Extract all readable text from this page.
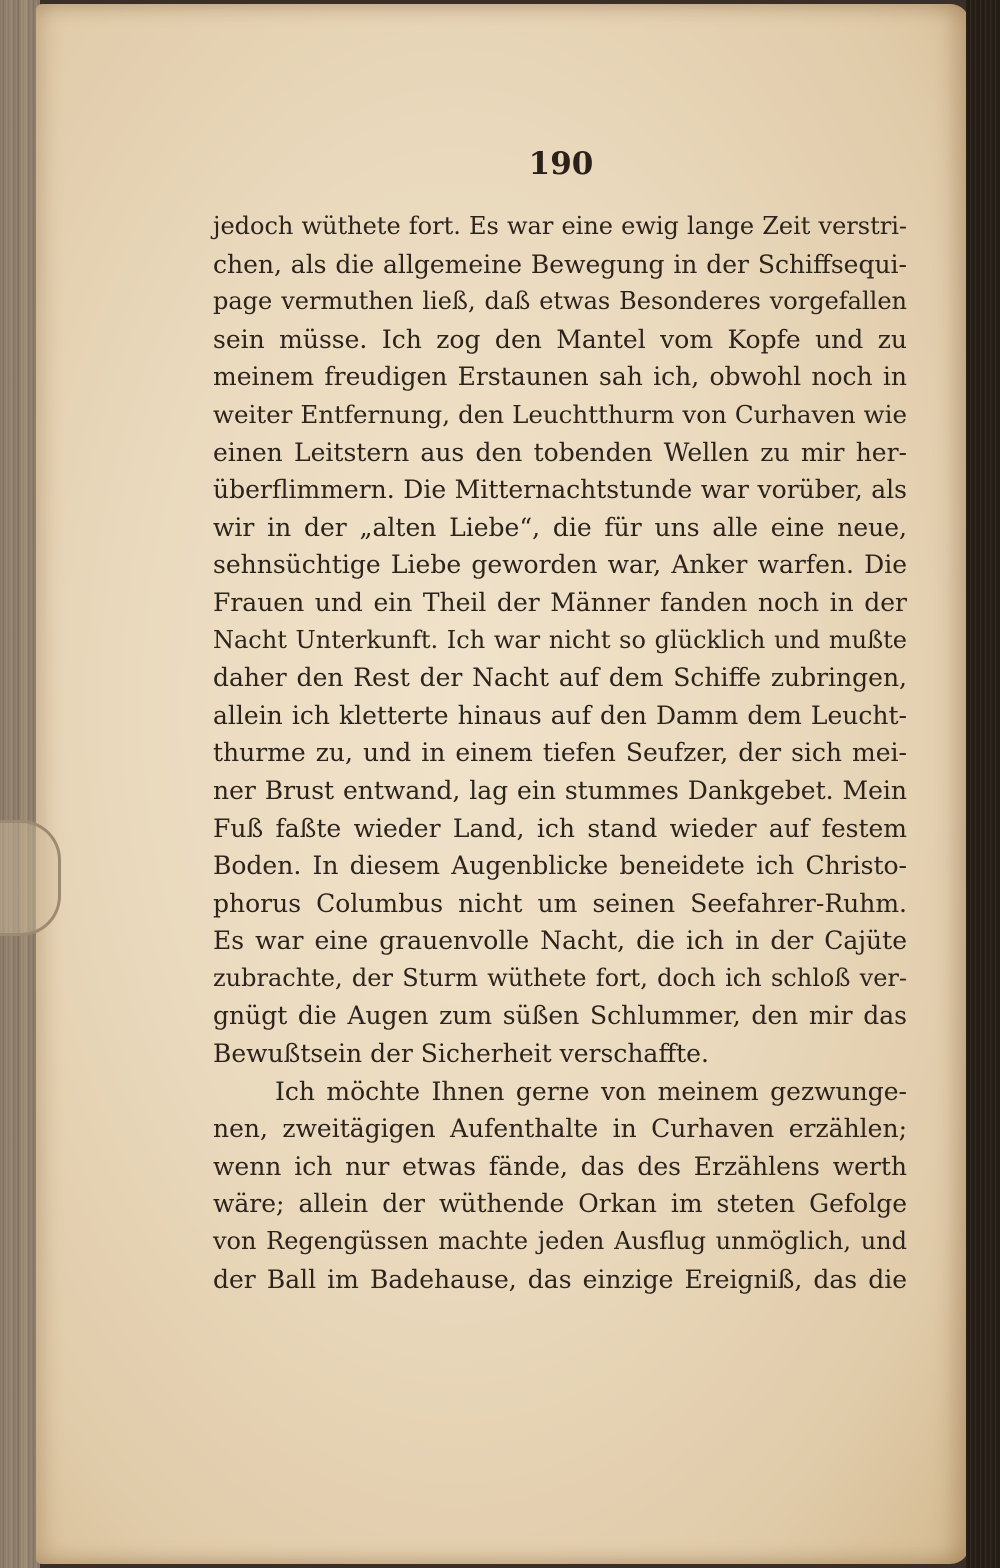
190
jedoch wüthete fort. Es war eine ewig lange Zeit verstri-
chen, als die allgemeine Bewegung in der Schiffsequi-
page vermuthen ließ, daß etwas Besonderes vorgefallen
sein müsse. Ich zog den Mantel vom Kopfe und zu
meinem freudigen Erstaunen sah ich, obwohl noch in
weiter Entfernung, den Leuchtthurm von Curhaven wie
einen Leitstern aus den tobenden Wellen zu mir her-
überflimmern. Die Mitternachtstunde war vorüber, als
wir in der „alten Liebe“, die für uns alle eine neue,
sehnsüchtige Liebe geworden war, Anker warfen. Die
Frauen und ein Theil der Männer fanden noch in der
Nacht Unterkunft. Ich war nicht so glücklich und mußte
daher den Rest der Nacht auf dem Schiffe zubringen,
allein ich kletterte hinaus auf den Damm dem Leucht-
thurme zu, und in einem tiefen Seufzer, der sich mei-
ner Brust entwand, lag ein stummes Dankgebet. Mein
Fuß faßte wieder Land, ich stand wieder auf festem
Boden. In diesem Augenblicke beneidete ich Christo-
phorus Columbus nicht um seinen Seefahrer-Ruhm.
Es war eine grauenvolle Nacht, die ich in der Cajüte
zubrachte, der Sturm wüthete fort, doch ich schloß ver-
gnügt die Augen zum süßen Schlummer, den mir das
Bewußtsein der Sicherheit verschaffte.
Ich möchte Ihnen gerne von meinem gezwunge-
nen, zweitägigen Aufenthalte in Curhaven erzählen;
wenn ich nur etwas fände, das des Erzählens werth
wäre; allein der wüthende Orkan im steten Gefolge
von Regengüssen machte jeden Ausflug unmöglich, und
der Ball im Badehause, das einzige Ereigniß, das die
